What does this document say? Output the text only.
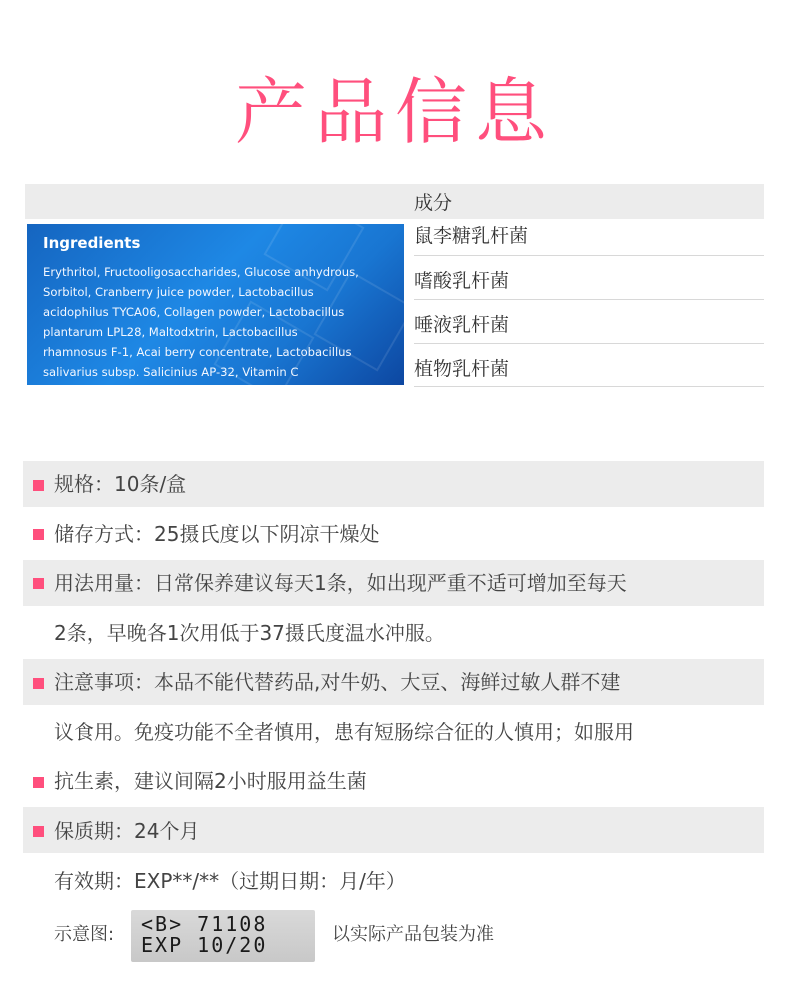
产品信息
成分
Ingredients
Erythritol, Fructooligosaccharides, Glucose anhydrous,
Sorbitol, Cranberry juice powder, Lactobacillus
acidophilus TYCA06, Collagen powder, Lactobacillus
plantarum LPL28, Maltodxtrin, Lactobacillus
rhamnosus F-1, Acai berry concentrate, Lactobacillus
salivarius subsp. Salicinius AP-32, Vitamin C
鼠李糖乳杆菌
嗜酸乳杆菌
唾液乳杆菌
植物乳杆菌
规格：10条/盒
储存方式：25摄氏度以下阴凉干燥处
用法用量：日常保养建议每天1条，如出现严重不适可增加至每天
2条，早晚各1次用低于37摄氏度温水冲服。
注意事项：本品不能代替药品,对牛奶、大豆、海鲜过敏人群不建
议食用。免疫功能不全者慎用，患有短肠综合征的人慎用；如服用
抗生素，建议间隔2小时服用益生菌
保质期：24个月
有效期：EXP**/**（过期日期：月/年）
示意图: <B> 71108
EXP 10/20	以实际产品包装为准
